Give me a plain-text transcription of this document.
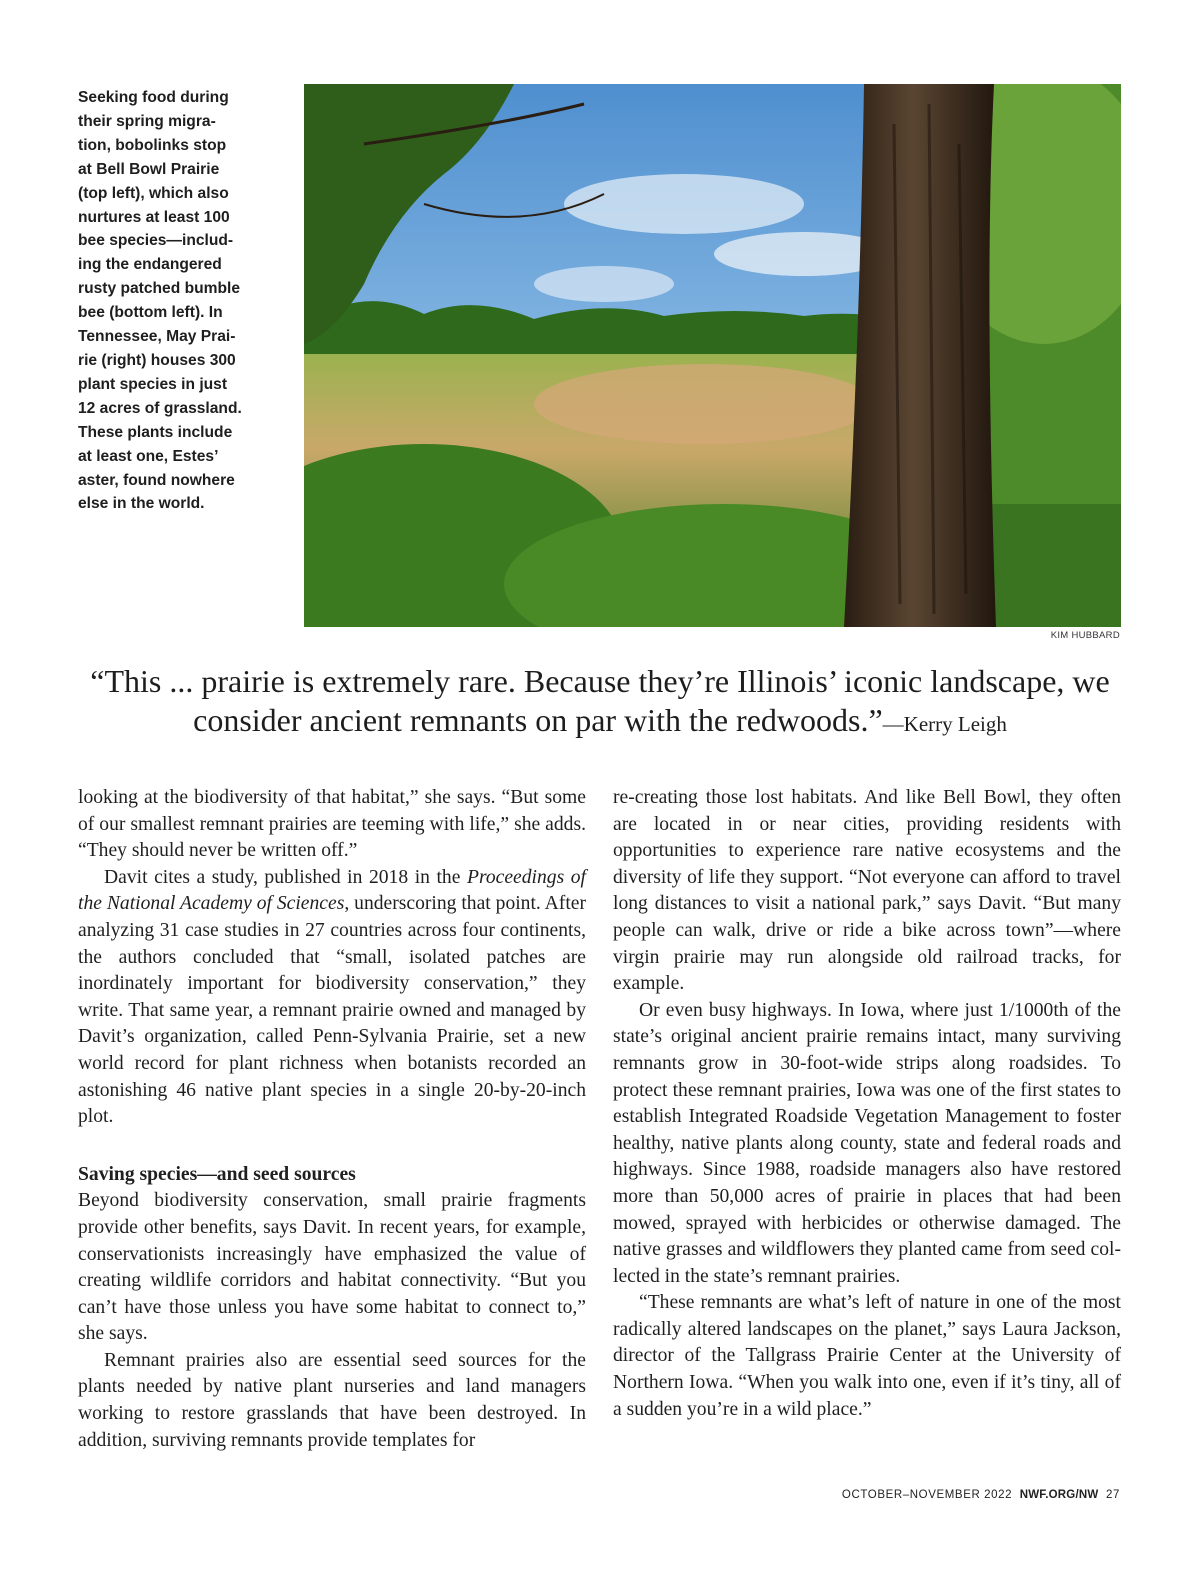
Seeking food during
their spring migra-
tion, bobolinks stop
at Bell Bowl Prairie
(top left), which also
nurtures at least 100
bee species—includ-
ing the endangered
rusty patched bumble
bee (bottom left). In
Tennessee, May Prai-
rie (right) houses 300
plant species in just
12 acres of grassland.
These plants include
at least one, Estes’
aster, found nowhere
else in the world.
KIM HUBBARD
“This ... prairie is extremely rare. Because they’re Illinois’ iconic landscape, we consider ancient remnants on par with the redwoods.”—Kerry Leigh

looking at the biodiversity of that habitat,” she says. “But some of our smallest remnant prairies are teeming with life,” she adds. “They should never be written off.”

Davit cites a study, published in 2018 in the Proceedings of the National Academy of Sciences, underscoring that point. After analyzing 31 case studies in 27 countries across four continents, the authors concluded that “small, isolated patches are inordinately important for biodiversity conservation,” they write. That same year, a remnant prairie owned and managed by Davit’s organization, called Penn-Sylvania Prairie, set a new world record for plant richness when botanists recorded an astonishing 46 native plant species in a single 20-by-20-inch plot.

Saving species—and seed sources

Beyond biodiversity conservation, small prairie fragments provide other benefits, says Davit. In recent years, for example, conservationists increasingly have emphasized the value of creating wildlife corridors and habitat connectivity. “But you can’t have those unless you have some habitat to connect to,” she says.

Remnant prairies also are essential seed sources for the plants needed by native plant nurseries and land managers working to restore grasslands that have been destroyed. In addition, surviving remnants provide templates for

re-creating those lost habitats. And like Bell Bowl, they often are located in or near cities, providing residents with opportunities to experience rare native ecosystems and the diversity of life they support. “Not everyone can afford to travel long distances to visit a national park,” says Davit. “But many people can walk, drive or ride a bike across town”—where virgin prairie may run alongside old railroad tracks, for example.

Or even busy highways. In Iowa, where just 1/1000th of the state’s original ancient prairie remains intact, many surviving remnants grow in 30-foot-wide strips along roadsides. To protect these remnant prairies, Iowa was one of the first states to establish Integrated Roadside Vegetation Management to foster healthy, native plants along county, state and federal roads and highways. Since 1988, roadside managers also have restored more than 50,000 acres of prairie in places that had been mowed, sprayed with herbicides or otherwise damaged. The native grasses and wildflowers they planted came from seed collected in the state’s remnant prairies.

“These remnants are what’s left of nature in one of the most radically altered landscapes on the planet,” says Laura Jackson, director of the Tallgrass Prairie Center at the University of Northern Iowa. “When you walk into one, even if it’s tiny, all of a sudden you’re in a wild place.”

OCTOBER–NOVEMBER 2022 NWF.ORG/NW 27
